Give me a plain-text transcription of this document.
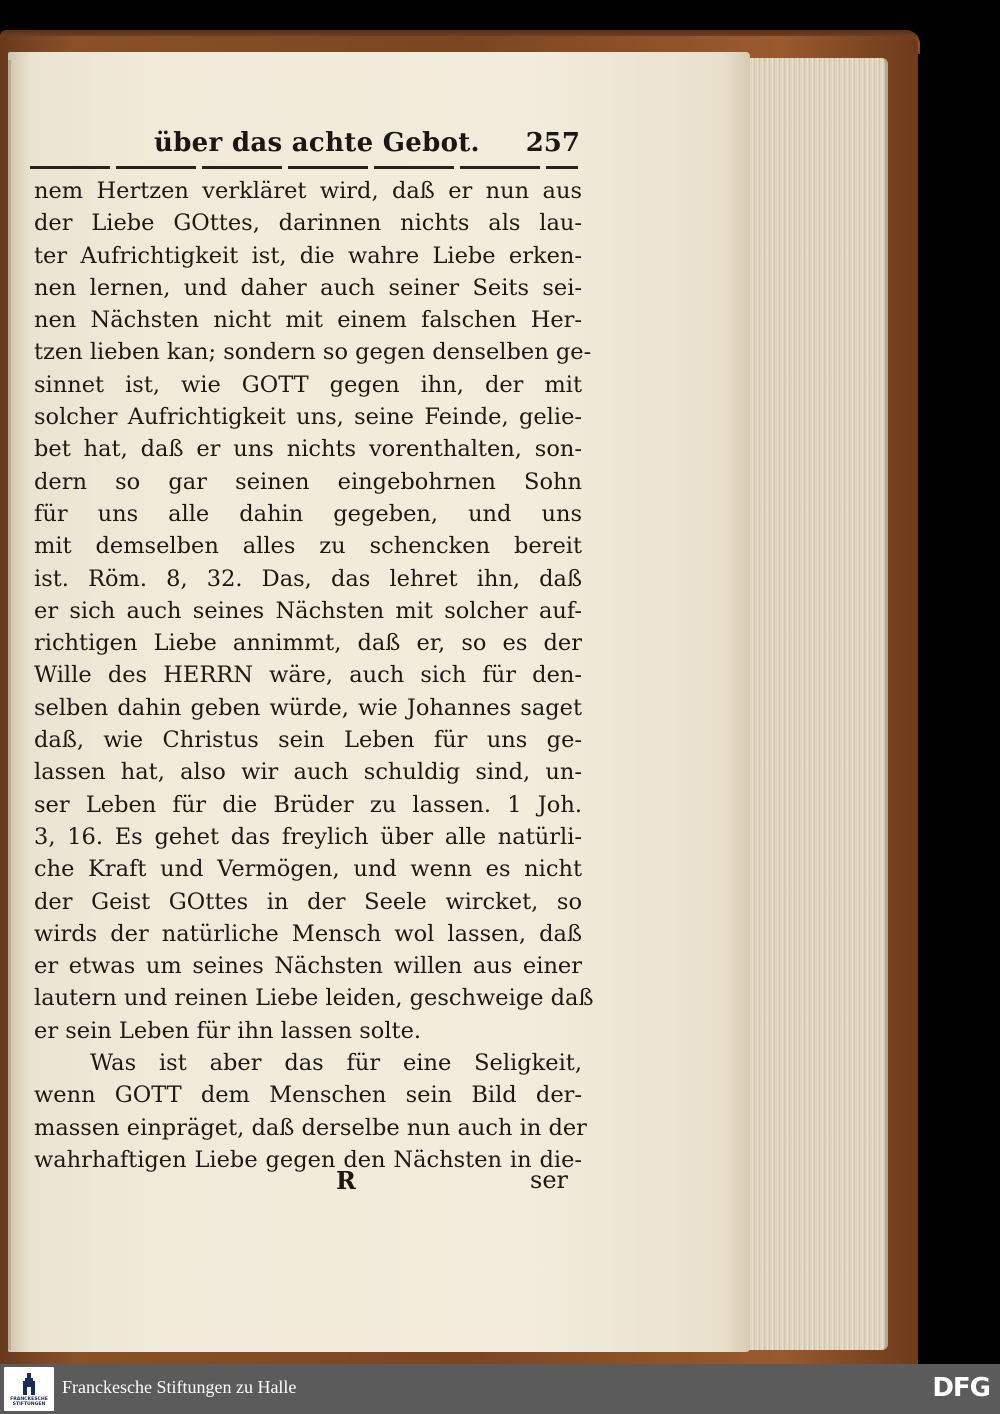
über das achte Gebot. 257
nem Hertzen verkläret wird, daß er nun aus
der Liebe GOttes, darinnen nichts als lau-
ter Aufrichtigkeit ist, die wahre Liebe erken-
nen lernen, und daher auch seiner Seits sei-
nen Nächsten nicht mit einem falschen Her-
tzen lieben kan; sondern so gegen denselben ge-
sinnet ist, wie GOTT gegen ihn, der mit
solcher Aufrichtigkeit uns, seine Feinde, gelie-
bet hat, daß er uns nichts vorenthalten, son-
dern so gar seinen eingebohrnen Sohn
für uns alle dahin gegeben, und uns
mit demselben alles zu schencken bereit
ist. Röm. 8, 32. Das, das lehret ihn, daß
er sich auch seines Nächsten mit solcher auf-
richtigen Liebe annimmt, daß er, so es der
Wille des HERRN wäre, auch sich für den-
selben dahin geben würde, wie Johannes saget
daß, wie Christus sein Leben für uns ge-
lassen hat, also wir auch schuldig sind, un-
ser Leben für die Brüder zu lassen. 1 Joh.
3, 16. Es gehet das freylich über alle natürli-
che Kraft und Vermögen, und wenn es nicht
der Geist GOttes in der Seele wircket, so
wirds der natürliche Mensch wol lassen, daß
er etwas um seines Nächsten willen aus einer
lautern und reinen Liebe leiden, geschweige daß
er sein Leben für ihn lassen solte.
Was ist aber das für eine Seligkeit,
wenn GOTT dem Menschen sein Bild der-
massen einpräget, daß derselbe nun auch in der
wahrhaftigen Liebe gegen den Nächsten in die-
R	ser
FRANCKESCHE
STIFTUNGEN
Franckesche Stiftungen zu Halle	DFG
